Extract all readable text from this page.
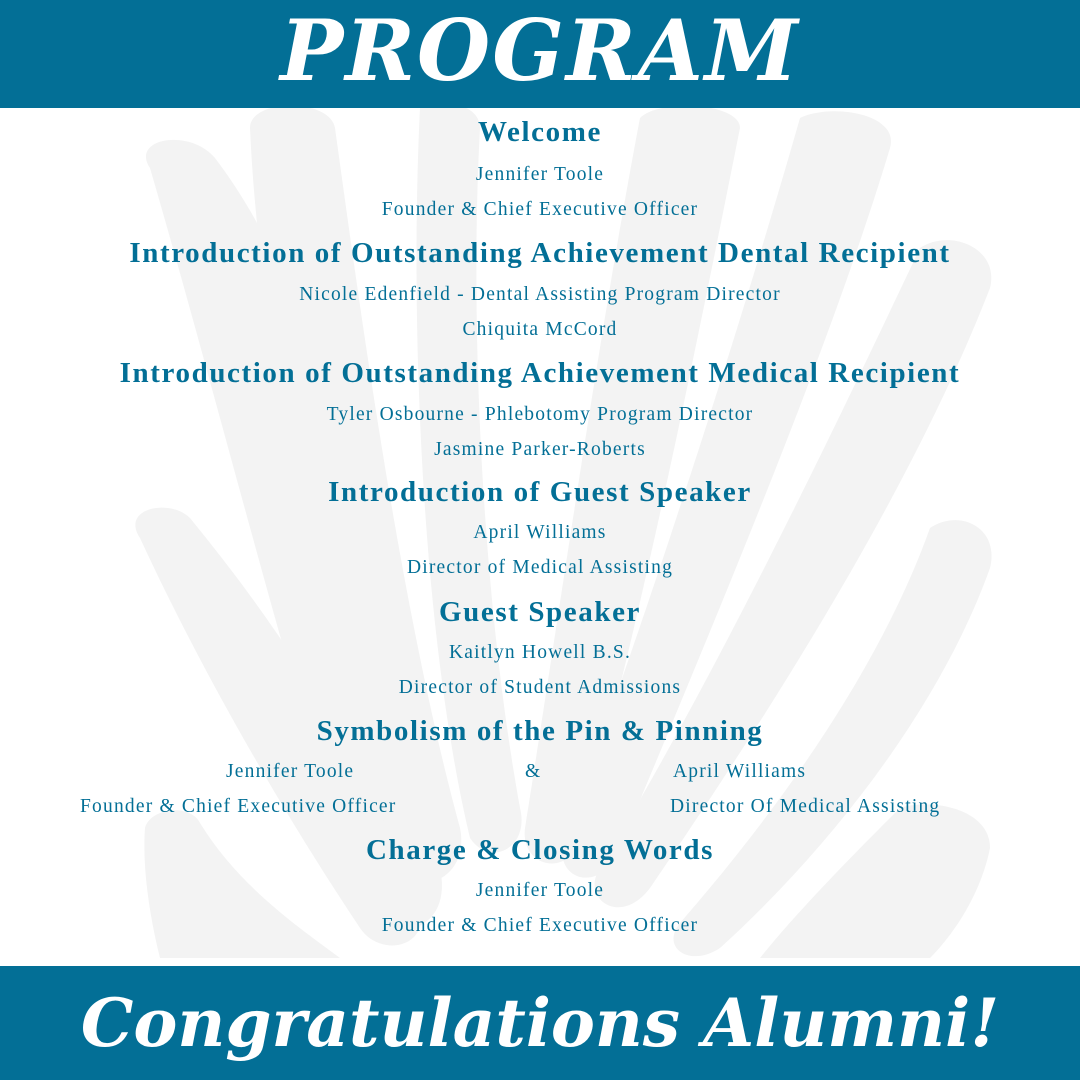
PROGRAM
Welcome
Jennifer Toole
Founder & Chief Executive Officer
Introduction of Outstanding Achievement Dental Recipient
Nicole Edenfield - Dental Assisting Program Director
Chiquita McCord
Introduction of Outstanding Achievement Medical Recipient
Tyler Osbourne - Phlebotomy Program Director
Jasmine Parker-Roberts
Introduction of Guest Speaker
April Williams
Director of Medical Assisting
Guest Speaker
Kaitlyn Howell B.S.
Director of Student Admissions
Symbolism of the Pin & Pinning
Jennifer Toole	&	April Williams
Founder & Chief Executive Officer	Director Of Medical Assisting
Charge & Closing Words
Jennifer Toole
Founder & Chief Executive Officer
Congratulations Alumni!
